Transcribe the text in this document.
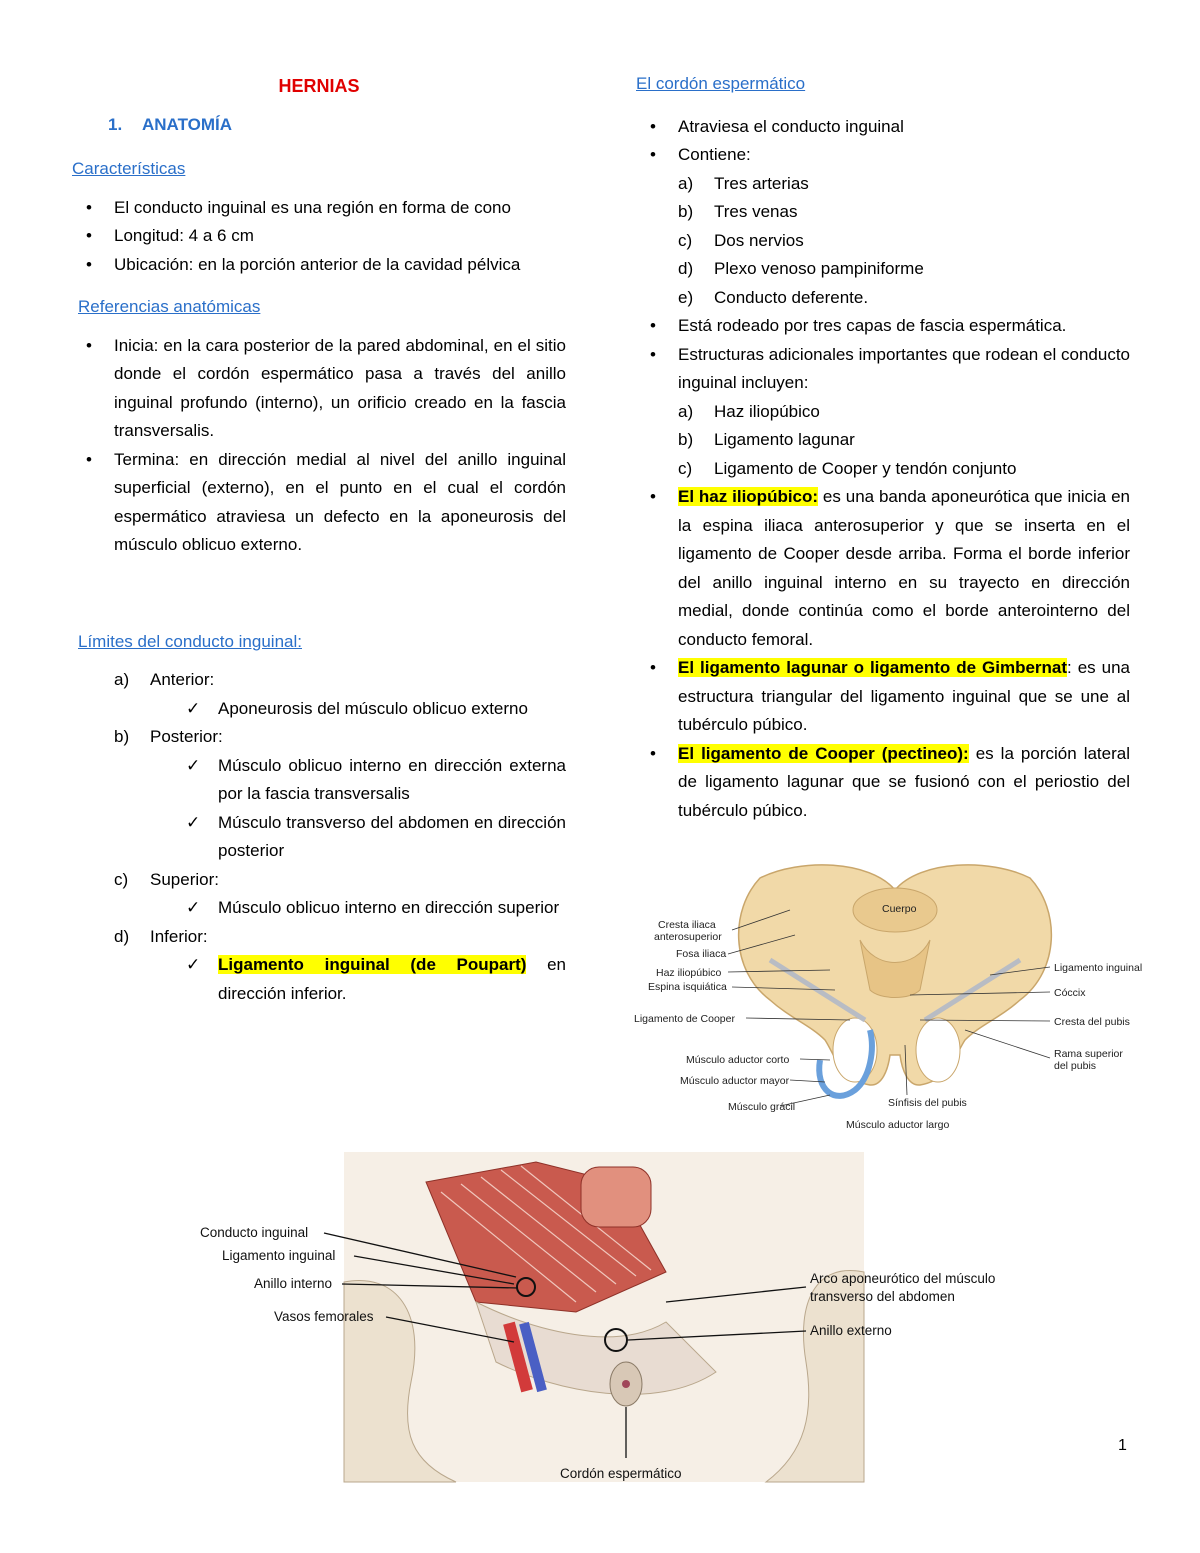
HERNIAS
1. ANATOMÍA
Características
• El conducto inguinal es una región en forma de cono
• Longitud: 4 a 6 cm
• Ubicación: en la porción anterior de la cavidad pélvica
Referencias anatómicas
• Inicia: en la cara posterior de la pared abdominal, en el sitio donde el cordón espermático pasa a través del anillo inguinal profundo (interno), un orificio creado en la fascia transversalis.
• Termina: en dirección medial al nivel del anillo inguinal superficial (externo), en el punto en el cual el cordón espermático atraviesa un defecto en la aponeurosis del músculo oblicuo externo.
Límites del conducto inguinal:
a) Anterior:
✓ Aponeurosis del músculo oblicuo externo
b) Posterior:
✓ Músculo oblicuo interno en dirección externa por la fascia transversalis
✓ Músculo transverso del abdomen en dirección posterior
c) Superior:
✓ Músculo oblicuo interno en dirección superior
d) Inferior:
✓ Ligamento inguinal (de Poupart) en dirección inferior.
El cordón espermático
• Atraviesa el conducto inguinal
• Contiene:
a) Tres arterias
b) Tres venas
c) Dos nervios
d) Plexo venoso pampiniforme
e) Conducto deferente.
• Está rodeado por tres capas de fascia espermática.
• Estructuras adicionales importantes que rodean el conducto inguinal incluyen:
a) Haz iliopúbico
b) Ligamento lagunar
c) Ligamento de Cooper y tendón conjunto
• El haz iliopúbico: es una banda aponeurótica que inicia en la espina iliaca anterosuperior y que se inserta en el ligamento de Cooper desde arriba. Forma el borde inferior del anillo inguinal interno en su trayecto en dirección medial, donde continúa como el borde anterointerno del conducto femoral.
• El ligamento lagunar o ligamento de Gimbernat: es una estructura triangular del ligamento inguinal que se une al tubérculo púbico.
• El ligamento de Cooper (pectineo): es la porción lateral de ligamento lagunar que se fusionó con el periostio del tubérculo púbico.
Cuerpo
Cresta iliaca
anterosuperior
Fosa iliaca
Haz iliopúbico
Espina isquiática
Ligamento de Cooper
Músculo aductor corto
Músculo aductor mayor
Músculo grácil	Sínfisis del pubis
Músculo aductor largo
Ligamento inguinal
Cóccix
Cresta del pubis
Rama superior
del pubis
Conducto inguinal
Ligamento inguinal
Anillo interno
Vasos femorales
Arco aponeurótico del músculo
transverso del abdomen
Anillo externo
Cordón espermático
1
